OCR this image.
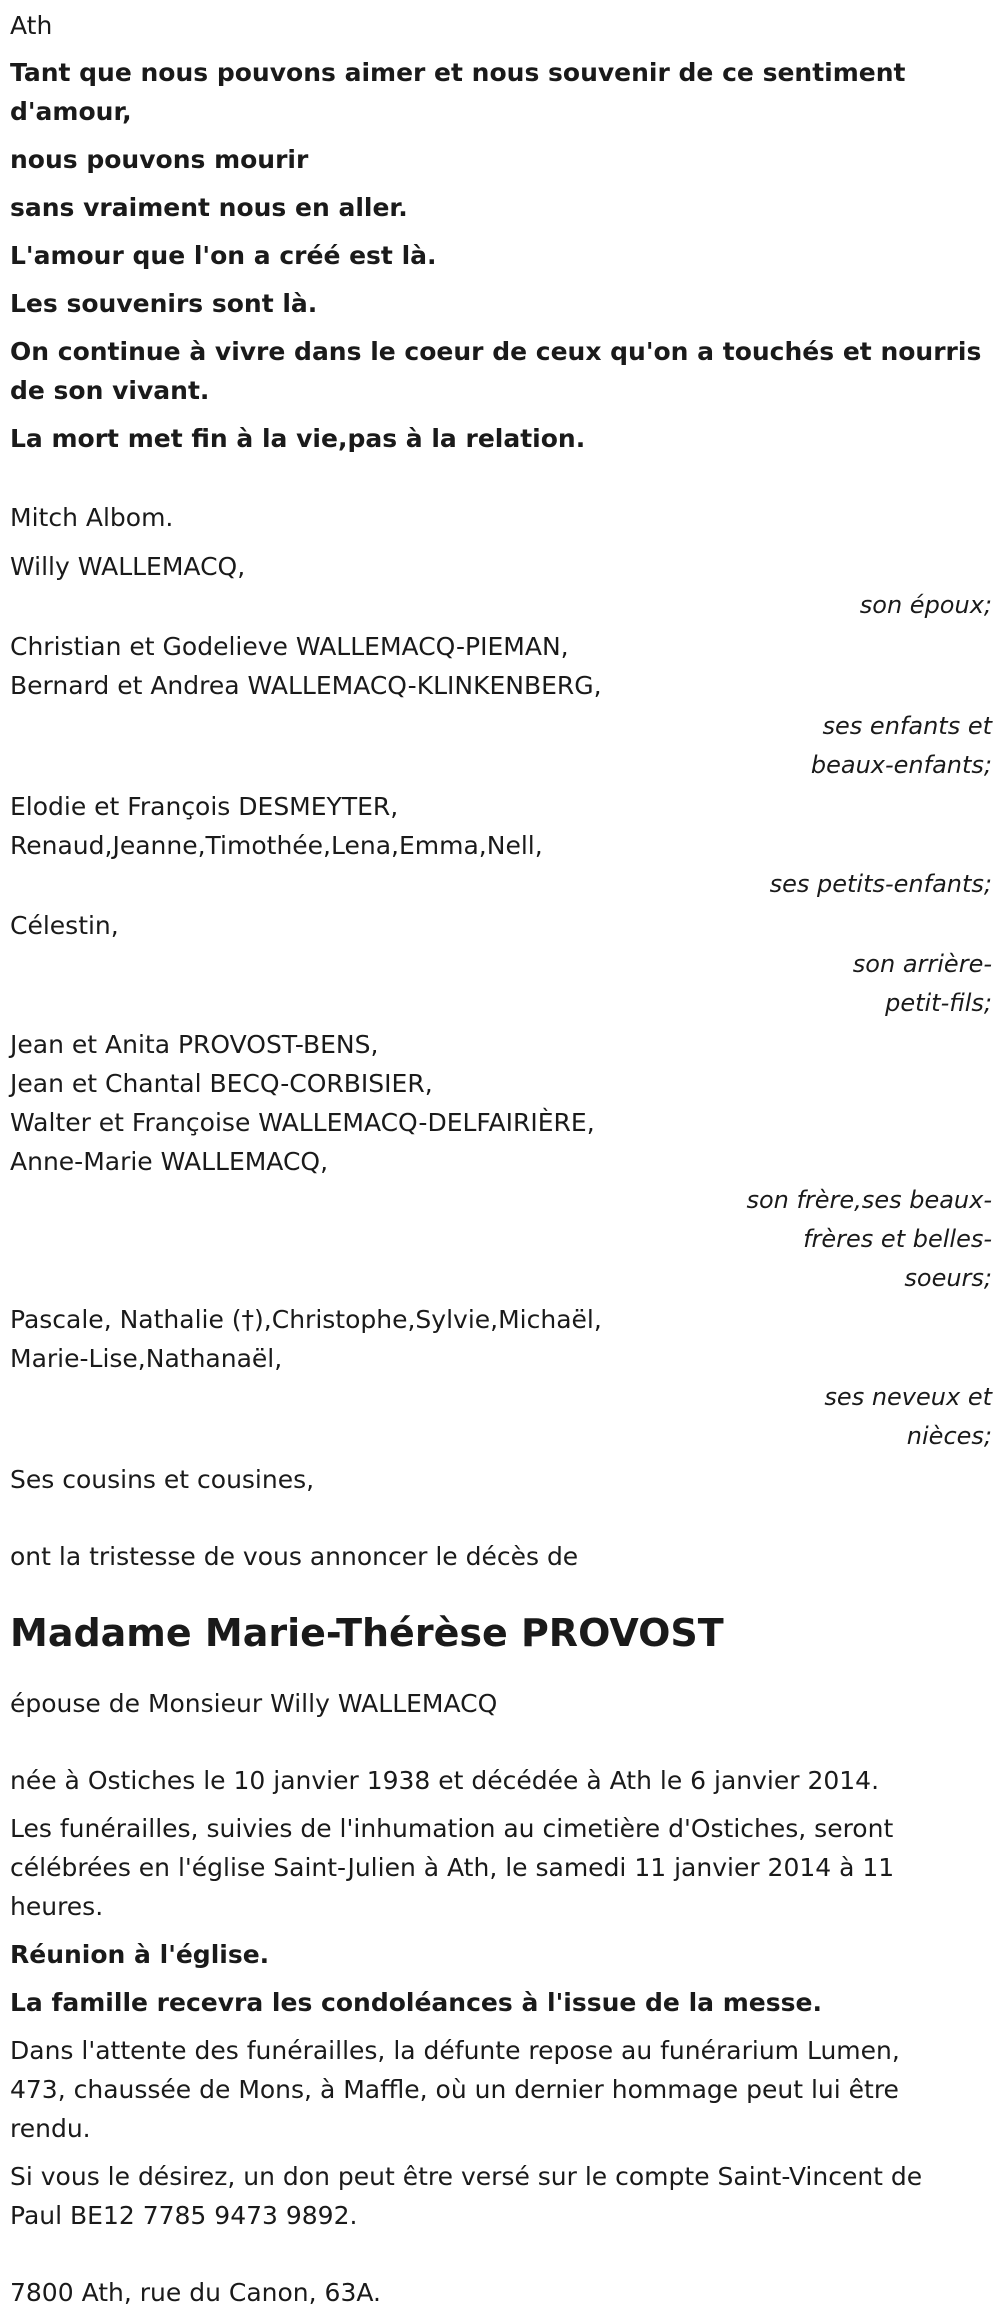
Ath

Tant que nous pouvons aimer et nous souvenir de ce sentiment d'amour,

nous pouvons mourir

sans vraiment nous en aller.

L'amour que l'on a créé est là.

Les souvenirs sont là.

On continue à vivre dans le coeur de ceux qu'on a touchés et nourris de son vivant.

La mort met fin à la vie,pas à la relation.

Mitch Albom.

Willy WALLEMACQ,

son époux;

Christian et Godelieve WALLEMACQ-PIEMAN,

Bernard et Andrea WALLEMACQ-KLINKENBERG,

ses enfants et

beaux-enfants;

Elodie et François DESMEYTER,

Renaud,Jeanne,Timothée,Lena,Emma,Nell,

ses petits-enfants;

Célestin,

son arrière-

petit-fils;

Jean et Anita PROVOST-BENS,

Jean et Chantal BECQ-CORBISIER,

Walter et Françoise WALLEMACQ-DELFAIRIÈRE,

Anne-Marie WALLEMACQ,

son frère,ses beaux-

frères et belles-

soeurs;

Pascale, Nathalie (†),Christophe,Sylvie,Michaël,

Marie-Lise,Nathanaël,

ses neveux et

nièces;

Ses cousins et cousines,

ont la tristesse de vous annoncer le décès de

Madame Marie-Thérèse PROVOST

épouse de Monsieur Willy WALLEMACQ

née à Ostiches le 10 janvier 1938 et décédée à Ath le 6 janvier 2014.

Les funérailles, suivies de l'inhumation au cimetière d'Ostiches, seront

célébrées en l'église Saint-Julien à Ath, le samedi 11 janvier 2014 à 11

heures.

Réunion à l'église.

La famille recevra les condoléances à l'issue de la messe.

Dans l'attente des funérailles, la défunte repose au funérarium Lumen,

473, chaussée de Mons, à Maffle, où un dernier hommage peut lui être

rendu.

Si vous le désirez, un don peut être versé sur le compte Saint-Vincent de

Paul BE12 7785 9473 9892.

7800 Ath, rue du Canon, 63A.
